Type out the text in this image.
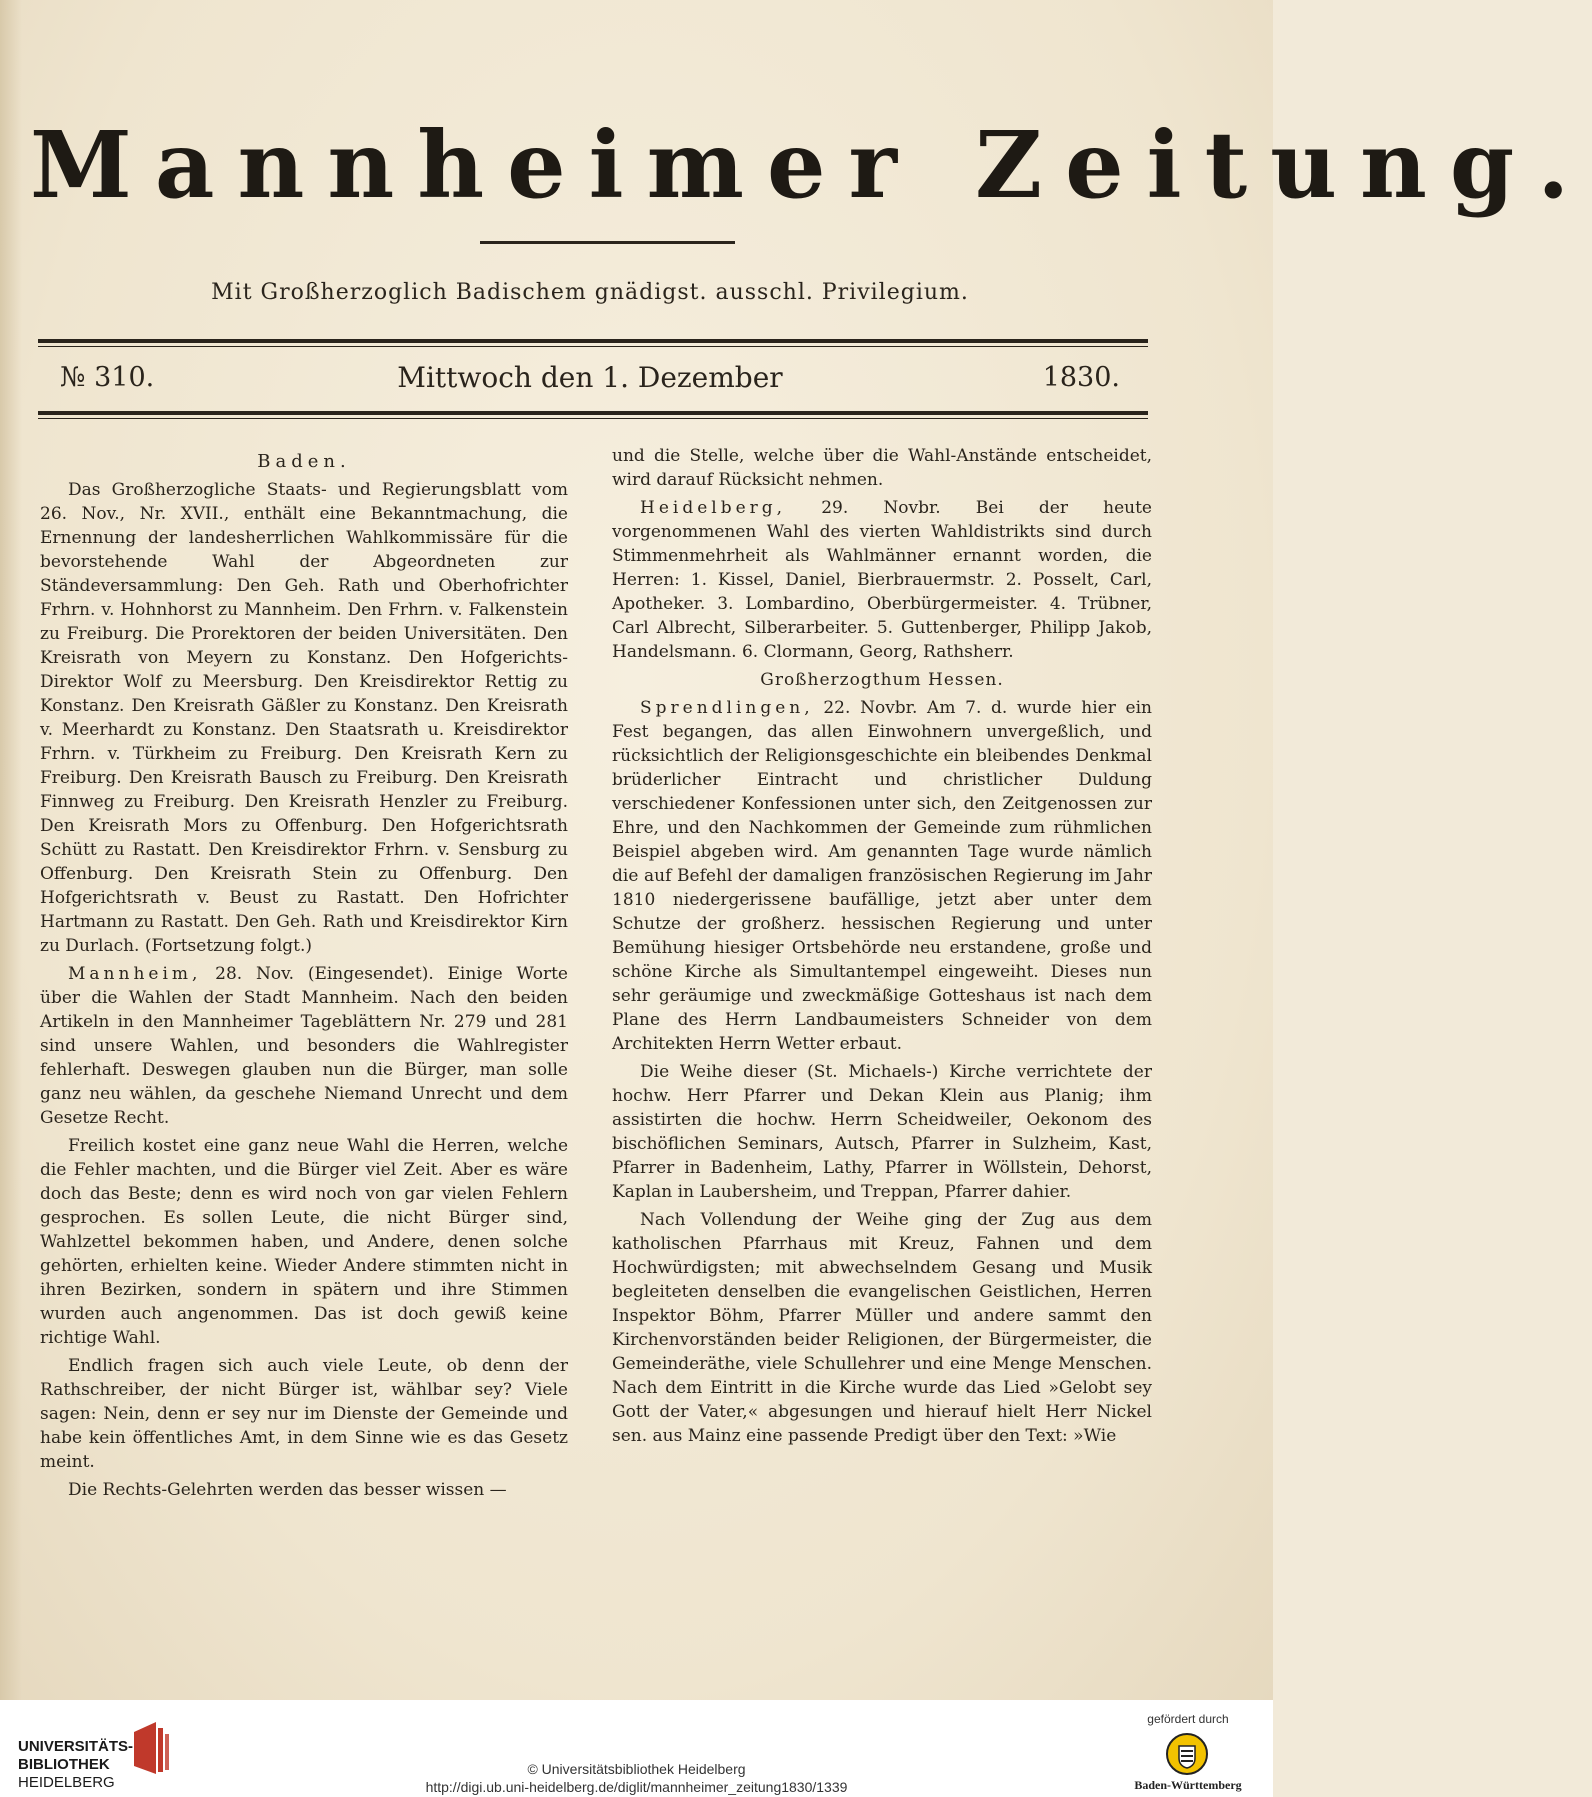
Mannheimer Zeitung.
Mit Großherzoglich Badischem gnädigst. ausschl. Privilegium.
№ 310.	Mittwoch den 1. Dezember	1830.
Baden.

Das Großherzogliche Staats- und Regierungsblatt vom 26. Nov., Nr. XVII., enthält eine Bekanntmachung, die Ernennung der landesherrlichen Wahlkommissäre für die bevorstehende Wahl der Abgeordneten zur Ständeversammlung: Den Geh. Rath und Oberhofrichter Frhrn. v. Hohnhorst zu Mannheim. Den Frhrn. v. Falkenstein zu Freiburg. Die Prorektoren der beiden Universitäten. Den Kreisrath von Meyern zu Konstanz. Den Hofgerichts-Direktor Wolf zu Meersburg. Den Kreisdirektor Rettig zu Konstanz. Den Kreisrath Gäßler zu Konstanz. Den Kreisrath v. Meerhardt zu Konstanz. Den Staatsrath u. Kreisdirektor Frhrn. v. Türkheim zu Freiburg. Den Kreisrath Kern zu Freiburg. Den Kreisrath Bausch zu Freiburg. Den Kreisrath Finnweg zu Freiburg. Den Kreisrath Henzler zu Freiburg. Den Kreisrath Mors zu Offenburg. Den Hofgerichtsrath Schütt zu Rastatt. Den Kreisdirektor Frhrn. v. Sensburg zu Offenburg. Den Kreisrath Stein zu Offenburg. Den Hofgerichtsrath v. Beust zu Rastatt. Den Hofrichter Hartmann zu Rastatt. Den Geh. Rath und Kreisdirektor Kirn zu Durlach. (Fortsetzung folgt.)

Mannheim, 28. Nov. (Eingesendet). Einige Worte über die Wahlen der Stadt Mannheim. Nach den beiden Artikeln in den Mannheimer Tageblättern Nr. 279 und 281 sind unsere Wahlen, und besonders die Wahlregister fehlerhaft. Deswegen glauben nun die Bürger, man solle ganz neu wählen, da geschehe Niemand Unrecht und dem Gesetze Recht.

Freilich kostet eine ganz neue Wahl die Herren, welche die Fehler machten, und die Bürger viel Zeit. Aber es wäre doch das Beste; denn es wird noch von gar vielen Fehlern gesprochen. Es sollen Leute, die nicht Bürger sind, Wahlzettel bekommen haben, und Andere, denen solche gehörten, erhielten keine. Wieder Andere stimmten nicht in ihren Bezirken, sondern in spätern und ihre Stimmen wurden auch angenommen. Das ist doch gewiß keine richtige Wahl.

Endlich fragen sich auch viele Leute, ob denn der Rathschreiber, der nicht Bürger ist, wählbar sey? Viele sagen: Nein, denn er sey nur im Dienste der Gemeinde und habe kein öffentliches Amt, in dem Sinne wie es das Gesetz meint.

Die Rechts-Gelehrten werden das besser wissen —

und die Stelle, welche über die Wahl-Anstände entscheidet, wird darauf Rücksicht nehmen.

Heidelberg, 29. Novbr. Bei der heute vorgenommenen Wahl des vierten Wahldistrikts sind durch Stimmenmehrheit als Wahlmänner ernannt worden, die Herren: 1. Kissel, Daniel, Bierbrauermstr. 2. Posselt, Carl, Apotheker. 3. Lombardino, Oberbürgermeister. 4. Trübner, Carl Albrecht, Silberarbeiter. 5. Guttenberger, Philipp Jakob, Handelsmann. 6. Clormann, Georg, Rathsherr.

Großherzogthum Hessen.

Sprendlingen, 22. Novbr. Am 7. d. wurde hier ein Fest begangen, das allen Einwohnern unvergeßlich, und rücksichtlich der Religionsgeschichte ein bleibendes Denkmal brüderlicher Eintracht und christlicher Duldung verschiedener Konfessionen unter sich, den Zeitgenossen zur Ehre, und den Nachkommen der Gemeinde zum rühmlichen Beispiel abgeben wird. Am genannten Tage wurde nämlich die auf Befehl der damaligen französischen Regierung im Jahr 1810 niedergerissene baufällige, jetzt aber unter dem Schutze der großherz. hessischen Regierung und unter Bemühung hiesiger Ortsbehörde neu erstandene, große und schöne Kirche als Simultantempel eingeweiht. Dieses nun sehr geräumige und zweckmäßige Gotteshaus ist nach dem Plane des Herrn Landbaumeisters Schneider von dem Architekten Herrn Wetter erbaut.

Die Weihe dieser (St. Michaels-) Kirche verrichtete der hochw. Herr Pfarrer und Dekan Klein aus Planig; ihm assistirten die hochw. Herrn Scheidweiler, Oekonom des bischöflichen Seminars, Autsch, Pfarrer in Sulzheim, Kast, Pfarrer in Badenheim, Lathy, Pfarrer in Wöllstein, Dehorst, Kaplan in Laubersheim, und Treppan, Pfarrer dahier.

Nach Vollendung der Weihe ging der Zug aus dem katholischen Pfarrhaus mit Kreuz, Fahnen und dem Hochwürdigsten; mit abwechselndem Gesang und Musik begleiteten denselben die evangelischen Geistlichen, Herren Inspektor Böhm, Pfarrer Müller und andere sammt den Kirchenvorständen beider Religionen, der Bürgermeister, die Gemeinderäthe, viele Schullehrer und eine Menge Menschen. Nach dem Eintritt in die Kirche wurde das Lied »Gelobt sey Gott der Vater,« abgesungen und hierauf hielt Herr Nickel sen. aus Mainz eine passende Predigt über den Text: »Wie

UNIVERSITÄTS-
BIBLIOTHEK
HEIDELBERG
© Universitätsbibliothek Heidelberg
http://digi.ub.uni-heidelberg.de/diglit/mannheimer_zeitung1830/1339
gefördert durch
Baden-Württemberg
